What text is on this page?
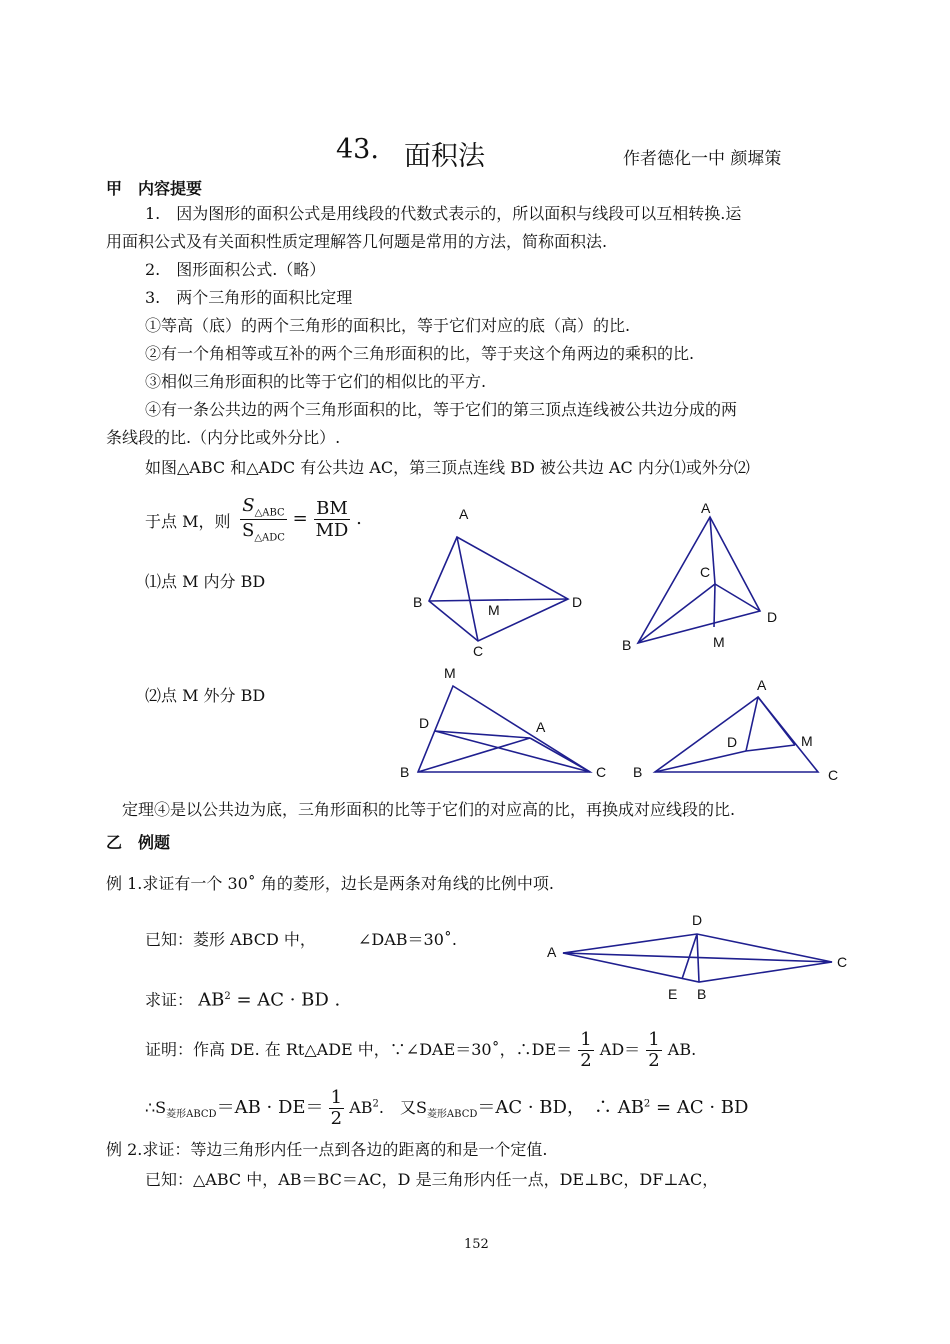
43. 面积法	作者德化一中 颜墀策
甲　内容提要
1.　因为图形的面积公式是用线段的代数式表示的，所以面积与线段可以互相转换.运
用面积公式及有关面积性质定理解答几何题是常用的方法，简称面积法.
2.　图形面积公式.（略）
3.　两个三角形的面积比定理
①等高（底）的两个三角形的面积比，等于它们对应的底（高）的比.
②有一个角相等或互补的两个三角形面积的比，等于夹这个角两边的乘积的比.
③相似三角形面积的比等于它们的相似比的平方.
④有一条公共边的两个三角形面积的比，等于它们的第三顶点连线被公共边分成的两
条线段的比.（内分比或外分比）.
如图△ABC 和△ADC 有公共边 AC，第三顶点连线 BD 被公共边 AC 内分⑴或外分⑵
于点 M，则 $\frac{S_{\triangle ABC}}{S_{\triangle ADC}} = \frac{BM}{MD}$ .
⑴点 M 内分 BD
⑵点 M 外分 BD
A
B
C
D
M
A
B
C
D
M
M
D	A
B	C
A
B	C
D	M
D
A
C
E B
定理④是以公共边为底，三角形面积的比等于它们的对应高的比，再换成对应线段的比.
乙　例题
例 1.求证有一个 30˚ 角的菱形，边长是两条对角线的比例中项.
已知：菱形 ABCD 中，	∠DAB＝30˚.
求证： $AB^2$ = AC · BD .
证明：作高 DE. 在 Rt△ADE 中，∵∠DAE＝30˚，∴DE＝ $\frac{1}{2} AD= \frac{1}{2}$ AB.
$\therefore S_{菱形ABCD}=AB \cdot DE= \frac{1}{2} AB^2$.　又$S_{菱形ABCD}=AC$ · BD，　∴ $AB^2$ = AC · BD
例 2.求证：等边三角形内任一点到各边的距离的和是一个定值.
已知：△ABC 中，AB＝BC＝AC，D 是三角形内任一点，DE⊥BC，DF⊥AC，
152
